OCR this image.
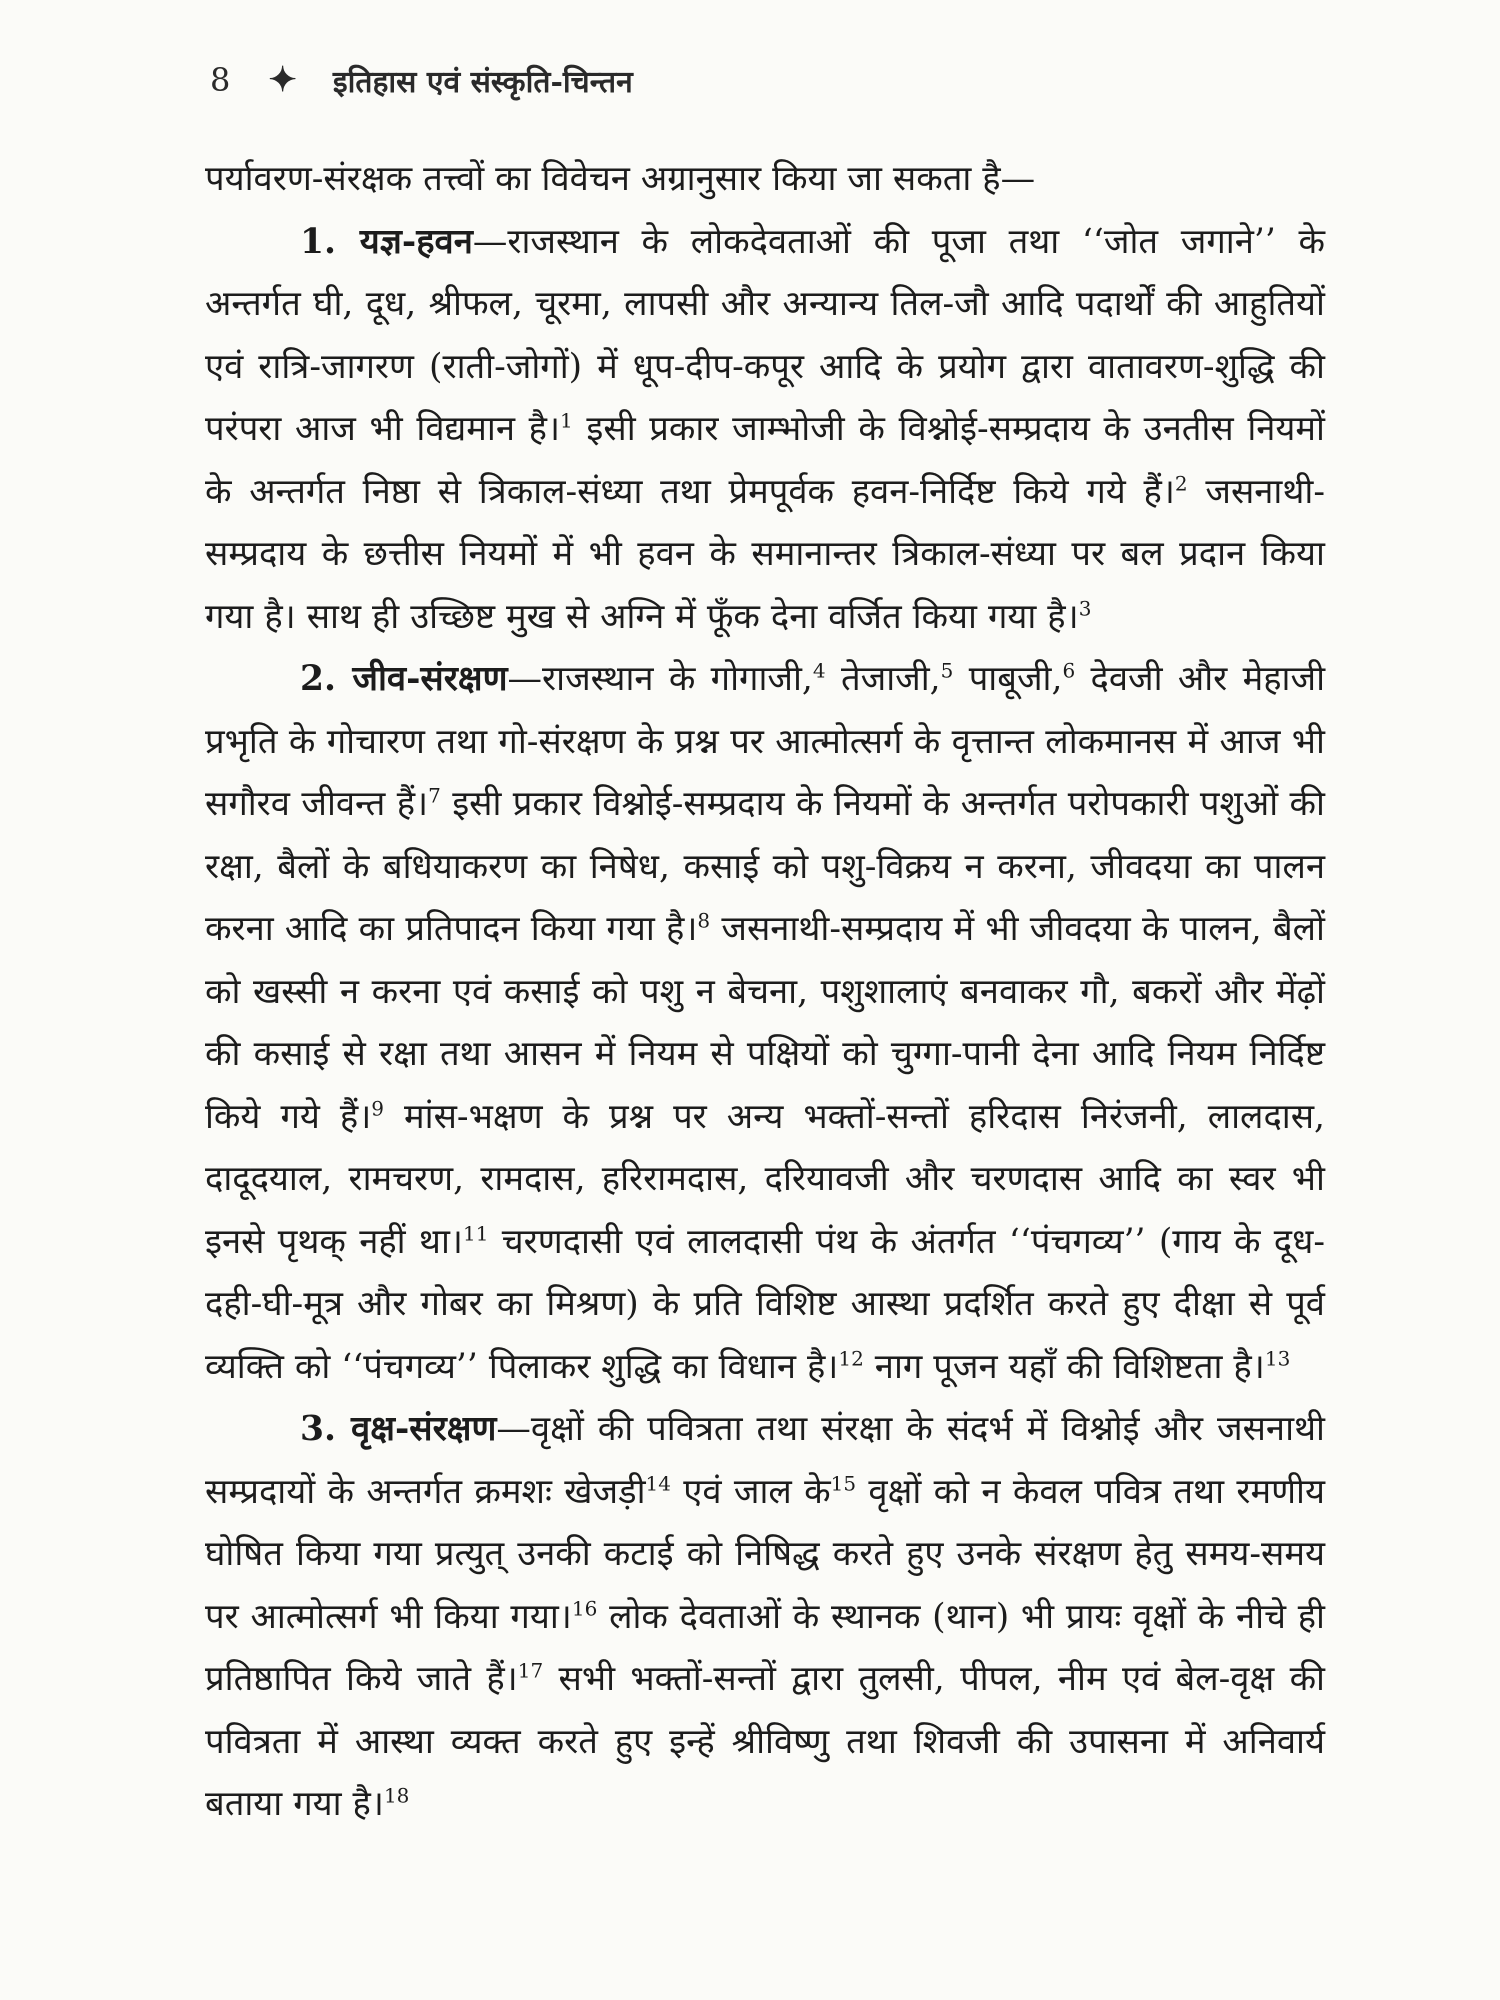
8 ✦ इतिहास एवं संस्कृति-चिन्तन

पर्यावरण-संरक्षक तत्त्वों का विवेचन अग्रानुसार किया जा सकता है—

1. यज्ञ-हवन—राजस्थान के लोकदेवताओं की पूजा तथा ‘‘जोत जगाने’’ के अन्तर्गत घी, दूध, श्रीफल, चूरमा, लापसी और अन्यान्य तिल-जौ आदि पदार्थों की आहुतियों एवं रात्रि-जागरण (राती-जोगों) में धूप-दीप-कपूर आदि के प्रयोग द्वारा वातावरण-शुद्धि की परंपरा आज भी विद्यमान है।$^1$ इसी प्रकार जाम्भोजी के विश्नोई-सम्प्रदाय के उनतीस नियमों के अन्तर्गत निष्ठा से त्रिकाल-संध्या तथा प्रेमपूर्वक हवन-निर्दिष्ट किये गये हैं।$^2$ जसनाथी-सम्प्रदाय के छत्तीस नियमों में भी हवन के समानान्तर त्रिकाल-संध्या पर बल प्रदान किया गया है। साथ ही उच्छिष्ट मुख से अग्नि में फूँक देना वर्जित किया गया है।$^3$

2. जीव-संरक्षण—राजस्थान के गोगाजी,$^4$ तेजाजी,$^5$ पाबूजी,$^6$ देवजी और मेहाजी प्रभृति के गोचारण तथा गो-संरक्षण के प्रश्न पर आत्मोत्सर्ग के वृत्तान्त लोकमानस में आज भी सगौरव जीवन्त हैं।$^7$ इसी प्रकार विश्नोई-सम्प्रदाय के नियमों के अन्तर्गत परोपकारी पशुओं की रक्षा, बैलों के बधियाकरण का निषेध, कसाई को पशु-विक्रय न करना, जीवदया का पालन करना आदि का प्रतिपादन किया गया है।$^8$ जसनाथी-सम्प्रदाय में भी जीवदया के पालन, बैलों को खस्सी न करना एवं कसाई को पशु न बेचना, पशुशालाएं बनवाकर गौ, बकरों और मेंढ़ों की कसाई से रक्षा तथा आसन में नियम से पक्षियों को चुग्गा-पानी देना आदि नियम निर्दिष्ट किये गये हैं।$^9$ मांस-भक्षण के प्रश्न पर अन्य भक्तों-सन्तों हरिदास निरंजनी, लालदास, दादूदयाल, रामचरण, रामदास, हरिरामदास, दरियावजी और चरणदास आदि का स्वर भी इनसे पृथक् नहीं था।$^{11}$ चरणदासी एवं लालदासी पंथ के अंतर्गत ‘‘पंचगव्य’’ (गाय के दूध-दही-घी-मूत्र और गोबर का मिश्रण) के प्रति विशिष्ट आस्था प्रदर्शित करते हुए दीक्षा से पूर्व व्यक्ति को ‘‘पंचगव्य’’ पिलाकर शुद्धि का विधान है।$^{12}$ नाग पूजन यहाँ की विशिष्टता है।$^{13}$

3. वृक्ष-संरक्षण—वृक्षों की पवित्रता तथा संरक्षा के संदर्भ में विश्नोई और जसनाथी सम्प्रदायों के अन्तर्गत क्रमशः खेजड़ी$^{14}$ एवं जाल के$^{15}$ वृक्षों को न केवल पवित्र तथा रमणीय घोषित किया गया प्रत्युत् उनकी कटाई को निषिद्ध करते हुए उनके संरक्षण हेतु समय-समय पर आत्मोत्सर्ग भी किया गया।$^{16}$ लोक देवताओं के स्थानक (थान) भी प्रायः वृक्षों के नीचे ही प्रतिष्ठापित किये जाते हैं।$^{17}$ सभी भक्तों-सन्तों द्वारा तुलसी, पीपल, नीम एवं बेल-वृक्ष की पवित्रता में आस्था व्यक्त करते हुए इन्हें श्रीविष्णु तथा शिवजी की उपासना में अनिवार्य बताया गया है।$^{18}$
